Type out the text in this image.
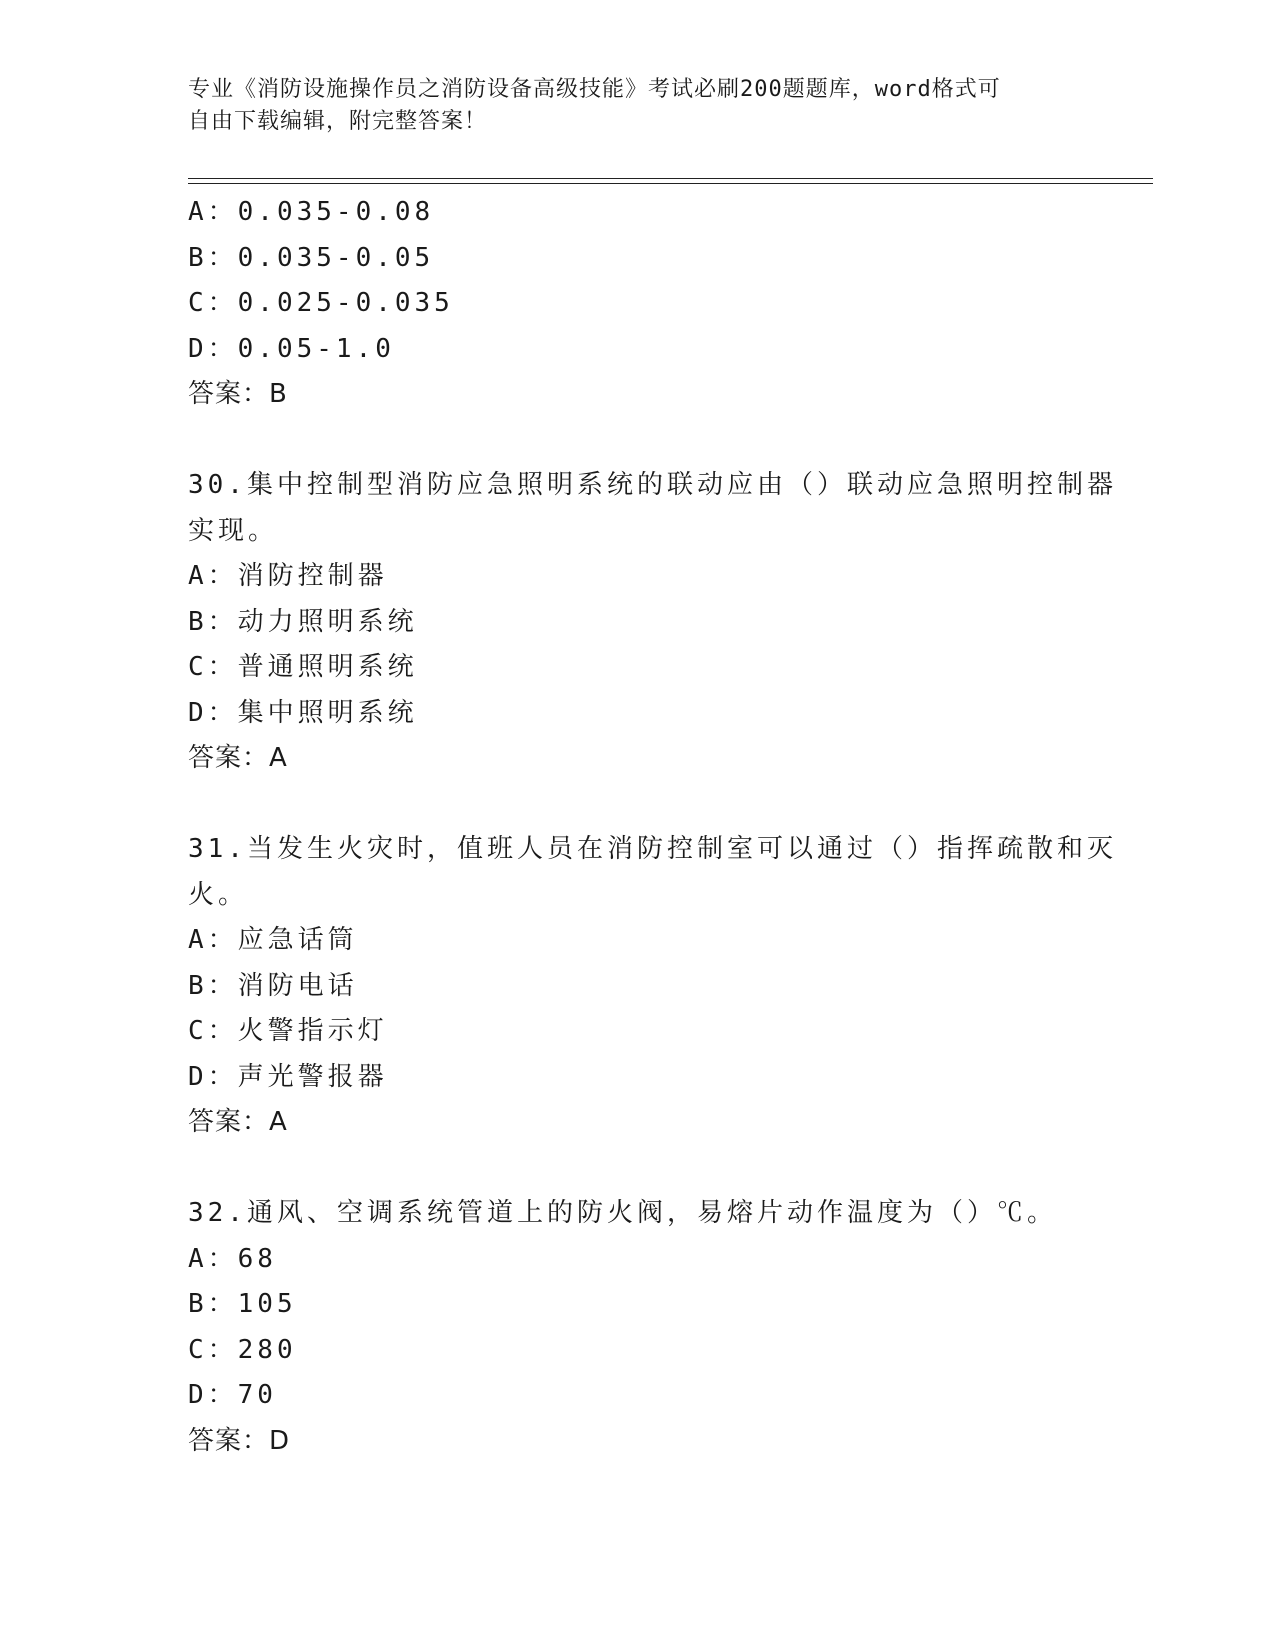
专业《消防设施操作员之消防设备高级技能》考试必刷200题题库，word格式可
自由下载编辑，附完整答案！
A：0.035-0.08
B：0.035-0.05
C：0.025-0.035
D：0.05-1.0
答案：B
30.集中控制型消防应急照明系统的联动应由（）联动应急照明控制器
实现。
A：消防控制器
B：动力照明系统
C：普通照明系统
D：集中照明系统
答案：A
31.当发生火灾时，值班人员在消防控制室可以通过（）指挥疏散和灭
火。
A：应急话筒
B：消防电话
C：火警指示灯
D：声光警报器
答案：A
32.通风、空调系统管道上的防火阀，易熔片动作温度为（）℃。
A：68
B：105
C：280
D：70
答案：D
